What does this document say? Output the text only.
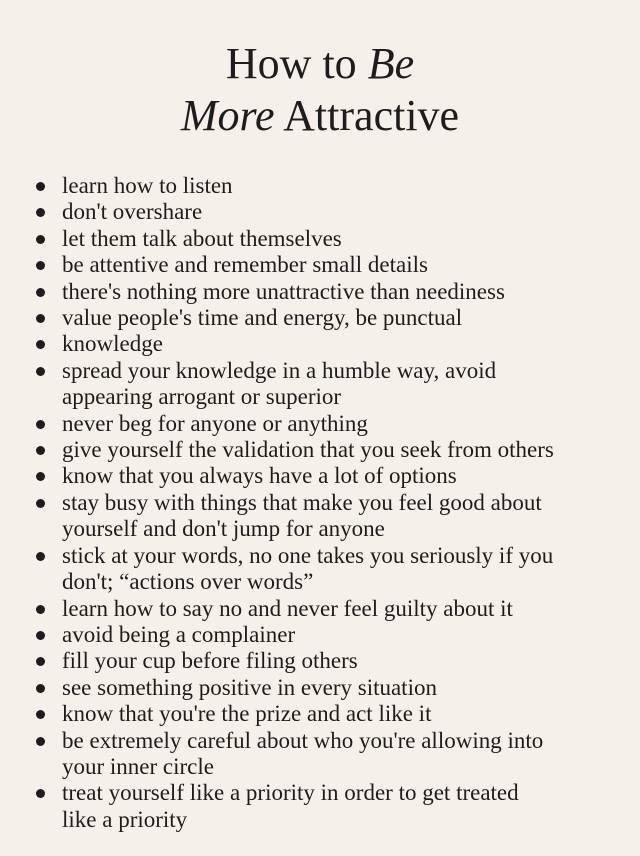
How to Be
More Attractive
learn how to listen
don't overshare
let them talk about themselves
be attentive and remember small details
there's nothing more unattractive than neediness
value people's time and energy, be punctual
knowledge
spread your knowledge in a humble way, avoid
appearing arrogant or superior
never beg for anyone or anything
give yourself the validation that you seek from others
know that you always have a lot of options
stay busy with things that make you feel good about
yourself and don't jump for anyone
stick at your words, no one takes you seriously if you
don't; “actions over words”
learn how to say no and never feel guilty about it
avoid being a complainer
fill your cup before filing others
see something positive in every situation
know that you're the prize and act like it
be extremely careful about who you're allowing into
your inner circle
treat yourself like a priority in order to get treated
like a priority
